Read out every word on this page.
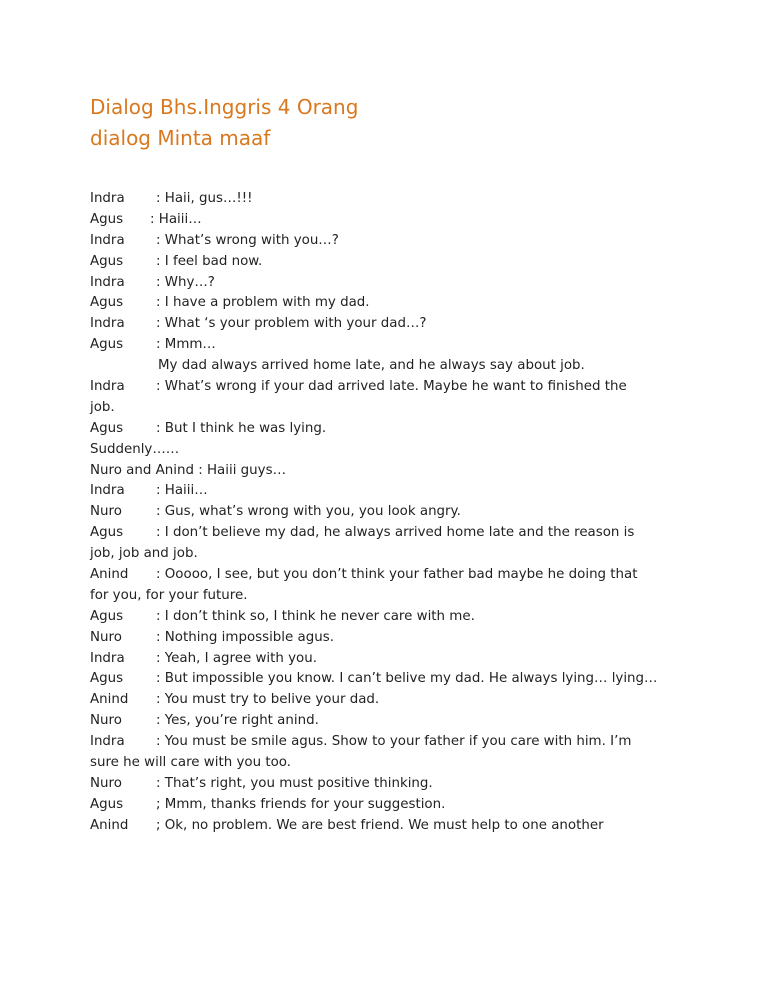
Dialog Bhs.Inggris 4 Orang
dialog Minta maaf
Indra : Haii, gus…!!!
Agus : Haiii…
Indra : What’s wrong with you…?
Agus : I feel bad now.
Indra : Why…?
Agus : I have a problem with my dad.
Indra : What ‘s your problem with your dad…?
Agus : Mmm…
My dad always arrived home late, and he always say about job.
Indra : What’s wrong if your dad arrived late. Maybe he want to finished the
job.
Agus : But I think he was lying.
Suddenly……
Nuro and Anind : Haiii guys…
Indra : Haiii…
Nuro	: Gus, what’s wrong with you, you look angry.
Agus : I don’t believe my dad, he always arrived home late and the reason is
job, job and job.
Anind : Ooooo, I see, but you don’t think your father bad maybe he doing that
for you, for your future.
Agus : I don’t think so, I think he never care with me.
Nuro	: Nothing impossible agus.
Indra : Yeah, I agree with you.
Agus : But impossible you know. I can’t belive my dad. He always lying… lying…
Anind : You must try to belive your dad.
Nuro	: Yes, you’re right anind.
Indra : You must be smile agus. Show to your father if you care with him. I’m
sure he will care with you too.
Nuro	: That’s right, you must positive thinking.
Agus ; Mmm, thanks friends for your suggestion.
Anind ; Ok, no problem. We are best friend. We must help to one another
